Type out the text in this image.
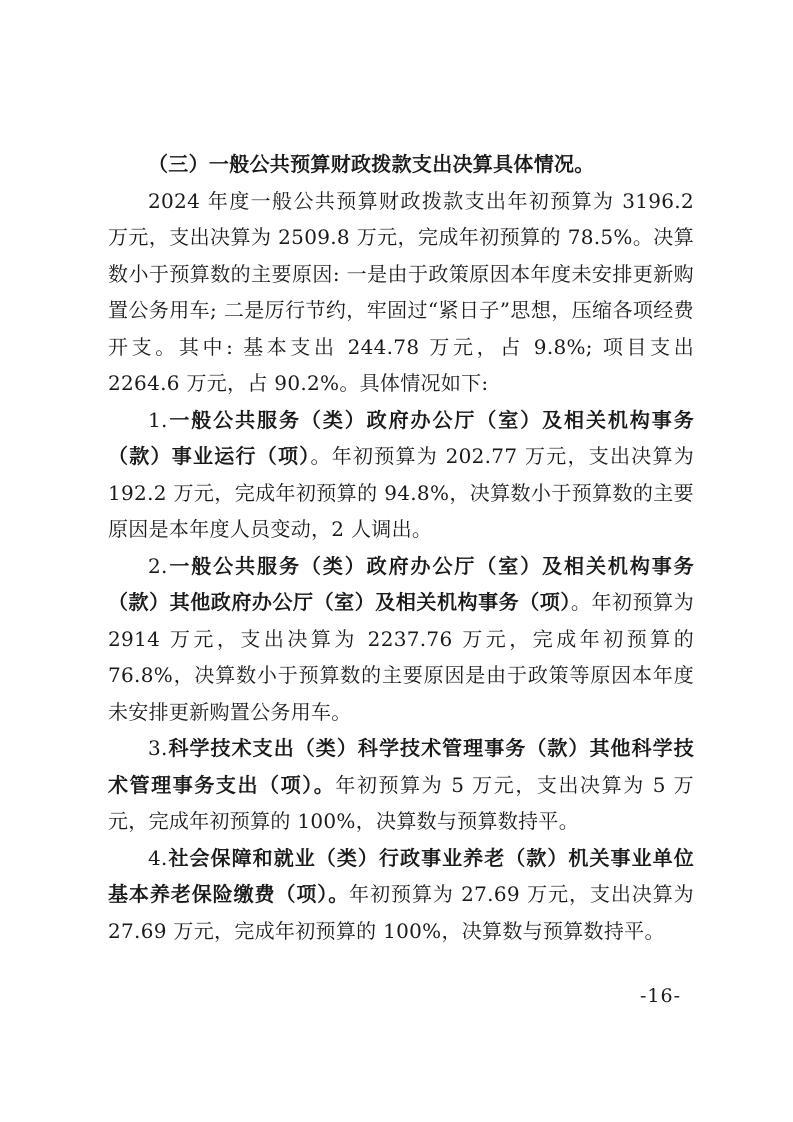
（三）一般公共预算财政拨款支出决算具体情况。

2024 年度一般公共预算财政拨款支出年初预算为 3196.2 万元，支出决算为 2509.8 万元，完成年初预算的 78.5%。决算数小于预算数的主要原因: 一是由于政策原因本年度未安排更新购置公务用车; 二是厉行节约，牢固过“紧日子”思想，压缩各项经费开支。其中: 基本支出 244.78 万元，占 9.8%; 项目支出 2264.6 万元，占 90.2%。具体情况如下:

1.一般公共服务（类）政府办公厅（室）及相关机构事务（款）事业运行（项）。年初预算为 202.77 万元，支出决算为 192.2 万元，完成年初预算的 94.8%，决算数小于预算数的主要原因是本年度人员变动，2 人调出。

2.一般公共服务（类）政府办公厅（室）及相关机构事务（款）其他政府办公厅（室）及相关机构事务（项）。年初预算为 2914 万元，支出决算为 2237.76 万元，完成年初预算的 76.8%，决算数小于预算数的主要原因是由于政策等原因本年度未安排更新购置公务用车。

3.科学技术支出（类）科学技术管理事务（款）其他科学技术管理事务支出（项）。年初预算为 5 万元，支出决算为 5 万元，完成年初预算的 100%，决算数与预算数持平。

4.社会保障和就业（类）行政事业养老（款）机关事业单位基本养老保险缴费（项）。年初预算为 27.69 万元，支出决算为 27.69 万元，完成年初预算的 100%，决算数与预算数持平。

-16-
